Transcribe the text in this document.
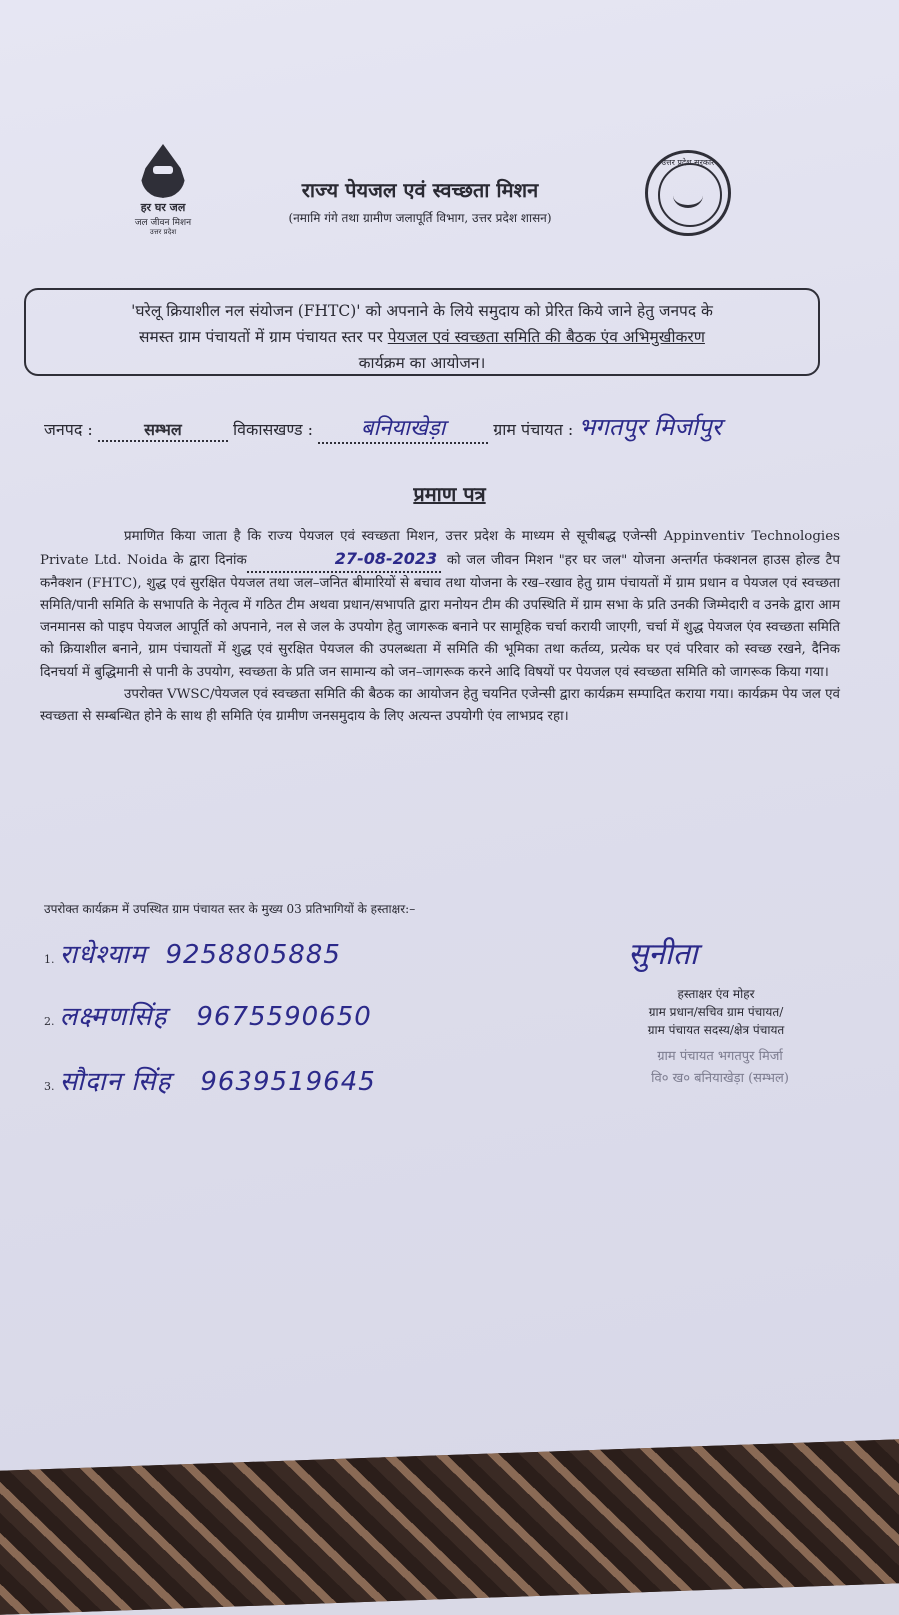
हर घर जल
जल जीवन मिशन
उत्तर प्रदेश
राज्य पेयजल एवं स्वच्छता मिशन
(नमामि गंगे तथा ग्रामीण जलापूर्ति विभाग, उत्तर प्रदेश शासन)
उत्तर प्रदेश सरकार
'घरेलू क्रियाशील नल संयोजन (FHTC)' को अपनाने के लिये समुदाय को प्रेरित किये जाने हेतु जनपद के
समस्त ग्राम पंचायतों में ग्राम पंचायत स्तर पर पेयजल एवं स्वच्छता समिति की बैठक एंव अभिमुखीकरण
कार्यक्रम का आयोजन।
जनपद :	सम्भल	विकासखण्ड : बनियाखेड़ा	ग्राम पंचायत : भगतपुर मिर्जापुर
प्रमाण पत्र

प्रमाणित किया जाता है कि राज्य पेयजल एवं स्वच्छता मिशन, उत्तर प्रदेश के माध्यम से सूचीबद्ध एजेन्सी Appinventiv Technologies Private Ltd. Noida के द्वारा दिनांक	27-08-2023 को जल जीवन मिशन "हर घर जल" योजना अन्तर्गत फंक्शनल हाउस होल्ड टैप कनैक्शन (FHTC), शुद्ध एवं सुरक्षित पेयजल तथा जल–जनित बीमारियों से बचाव तथा योजना के रख–रखाव हेतु ग्राम पंचायतों में ग्राम प्रधान व पेयजल एवं स्वच्छता समिति/पानी समिति के सभापति के नेतृत्व में गठित टीम अथवा प्रधान/सभापति द्वारा मनोयन टीम की उपस्थिति में ग्राम सभा के प्रति उनकी जिम्मेदारी व उनके द्वारा आम जनमानस को पाइप पेयजल आपूर्ति को अपनाने, नल से जल के उपयोग हेतु जागरूक बनाने पर सामूहिक चर्चा करायी जाएगी, चर्चा में शुद्ध पेयजल एंव स्वच्छता समिति को क्रियाशील बनाने, ग्राम पंचायतों में शुद्ध एवं सुरक्षित पेयजल की उपलब्धता में समिति की भूमिका तथा कर्तव्य, प्रत्येक घर एवं परिवार को स्वच्छ रखने, दैनिक दिनचर्या में बुद्धिमानी से पानी के उपयोग, स्वच्छता के प्रति जन सामान्य को जन–जागरूक करने आदि विषयों पर पेयजल एवं स्वच्छता समिति को जागरूक किया गया।

उपरोक्त VWSC/पेयजल एवं स्वच्छता समिति की बैठक का आयोजन हेतु चयनित एजेन्सी द्वारा कार्यक्रम सम्पादित कराया गया। कार्यक्रम पेय जल एवं स्वच्छता से सम्बन्धित होने के साथ ही समिति एंव ग्रामीण जनसमुदाय के लिए अत्यन्त उपयोगी एंव लाभप्रद रहा।

उपरोक्त कार्यक्रम में उपस्थित ग्राम पंचायत स्तर के मुख्य 03 प्रतिभागियों के हस्ताक्षर:–
1. राधेश्याम 9258805885
2. लक्ष्मणसिंह 9675590650
3. सौदान सिंह 9639519645
सुनीता
हस्ताक्षर एंव मोहर
ग्राम प्रधान/सचिव ग्राम पंचायत/
ग्राम पंचायत सदस्य/क्षेत्र पंचायत
ग्राम पंचायत भगतपुर मिर्जा
वि० ख० बनियाखेड़ा (सम्भल)
